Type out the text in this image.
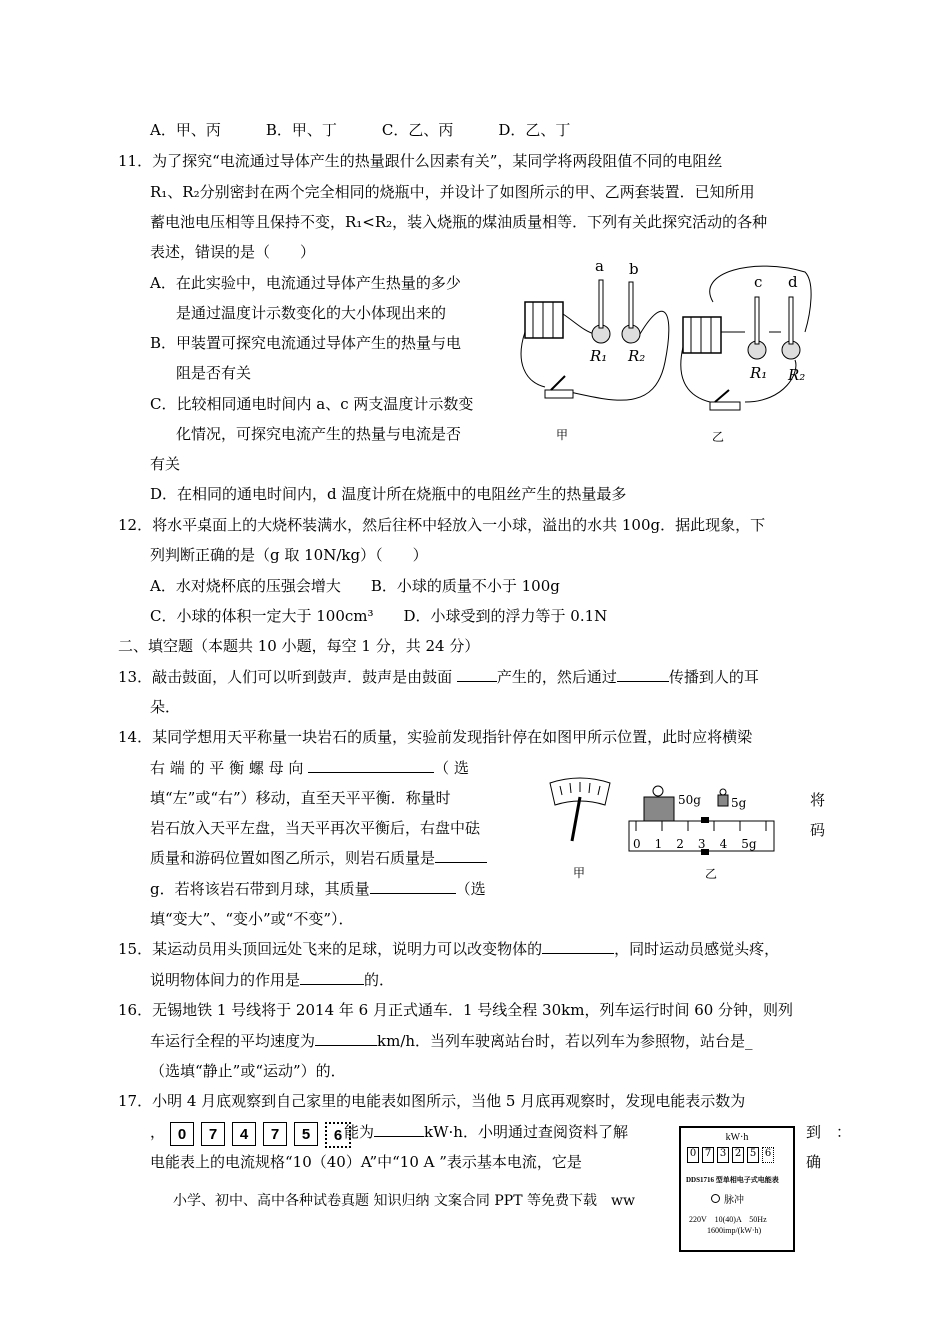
A．甲、丙　　　B．甲、丁　　　C．乙、丙　　　D．乙、丁
11．为了探究“电流通过导体产生的热量跟什么因素有关”，某同学将两段阻值不同的电阻丝
R₁、R₂分别密封在两个完全相同的烧瓶中，并设计了如图所示的甲、乙两套装置．已知所用
蓄电池电压相等且保持不变，R₁<R₂，装入烧瓶的煤油质量相等．下列有关此探究活动的各种
表述，错误的是（　　）
A．在此实验中，电流通过导体产生热量的多少
是通过温度计示数变化的大小体现出来的
B．甲装置可探究电流通过导体产生的热量与电
阻是否有关
C．比较相同通电时间内 a、c 两支温度计示数变
化情况，可探究电流产生的热量与电流是否
有关
D．在相同的通电时间内，d 温度计所在烧瓶中的电阻丝产生的热量最多
a b
c d
R₁ R₂
R₁ R₂
甲	乙
12．将水平桌面上的大烧杯装满水，然后往杯中轻放入一小球，溢出的水共 100g．据此现象，下
列判断正确的是（g 取 10N/kg）（　　）
A．水对烧杯底的压强会增大　　B．小球的质量不小于 100g
C．小球的体积一定大于 100cm³　　D．小球受到的浮力等于 0.1N
二、填空题（本题共 10 小题，每空 1 分，共 24 分）
13．敲击鼓面，人们可以听到鼓声．鼓声是由鼓面	产生的，然后通过	传播到人的耳
朵．
14．某同学想用天平称量一块岩石的质量，实验前发现指针停在如图甲所示位置，此时应将横梁
右 端 的 平 衡 螺 母 向	（ 选
填“左”或“右”）移动，直至天平平衡．称量时
岩石放入天平左盘，当天平再次平衡后，右盘中砝
质量和游码位置如图乙所示，则岩石质量是
g．若将该岩石带到月球，其质量	（选
填“变大”、“变小”或“不变”）．
将
码
甲
50g	5g
0 1 2 3 4 5g
乙
15．某运动员用头顶回远处飞来的足球，说明力可以改变物体的	，同时运动员感觉头疼，
说明物体间力的作用是	的．
16．无锡地铁 1 号线将于 2014 年 6 月正式通车．1 号线全程 30km，列车运行时间 60 分钟，则列
车运行全程的平均速度为	km/h．当列车驶离站台时，若以列车为参照物，站台是_
（选填“静止”或“运动”）的．
17．小明 4 月底观察到自己家里的电能表如图所示，当他 5 月底再观察时，发现电能表示数为
， 0	7	4	7	5	6 能为	kW·h．小明通过查阅资料了解	到　：
电能表上的电流规格“10（40）A”中“10 A ”表示基本电流，它是	确
kW·h
0 7 3 2 5 6
DDS1716 型单相电子式电能表
脉冲
220V　10(40)A　50Hz
1600imp/(kW·h)
小学、初中、高中各种试卷真题 知识归纳 文案合同 PPT 等免费下载　ww
